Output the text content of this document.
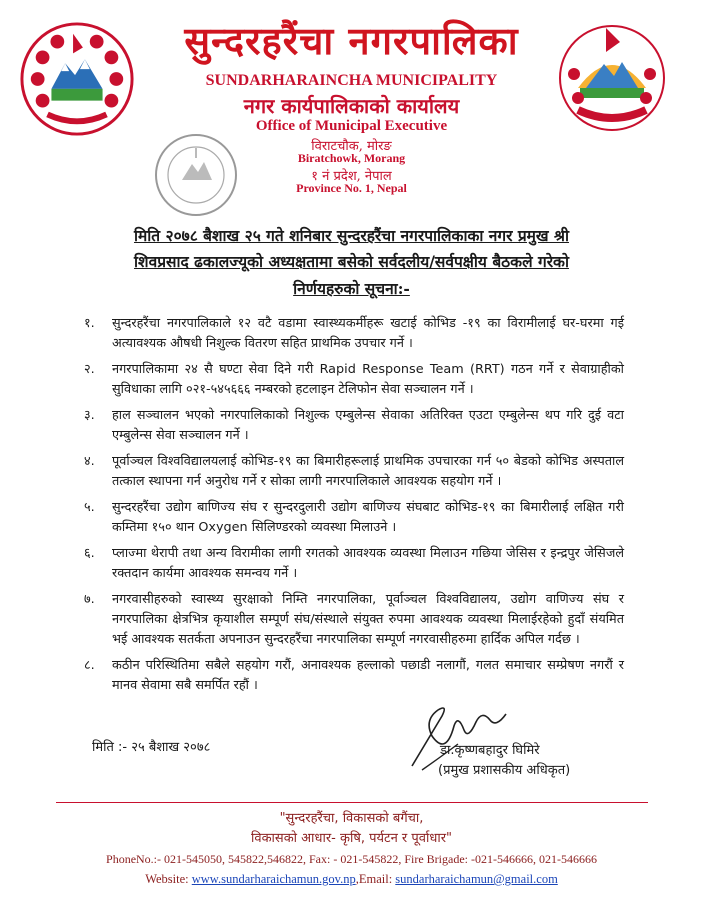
सुन्दरहरैंचा नगरपालिका
SUNDARHARAINCHA MUNICIPALITY
नगर कार्यपालिकाको कार्यालय
Office of Municipal Executive
विराटचौक, मोरङ
Biratchowk, Morang
१ नं प्रदेश, नेपाल
Province No. 1, Nepal
मिति २०७८ बैशाख २५ गते शनिबार सुन्दरहरैंचा नगरपालिकाका नगर प्रमुख श्री
शिवप्रसाद ढकालज्यूको अध्यक्षतामा बसेको सर्वदलीय/सर्वपक्षीय बैठकले गरेको
निर्णयहरुको सूचना:-
१. सुन्दरहरैंचा नगरपालिकाले १२ वटै वडामा स्वास्थ्यकर्मीहरू खटाई कोभिड -१९ का विरामीलाई घर-घरमा गई अत्यावश्यक औषधी निशुल्क वितरण सहित प्राथमिक उपचार गर्ने ।
२. नगरपालिकामा २४ सै घण्टा सेवा दिने गरी Rapid Response Team (RRT) गठन गर्ने र सेवाग्राहीको सुविधाका लागि ०२१-५४५६६६ नम्बरको हटलाइन टेलिफोन सेवा सञ्चालन गर्ने ।
३. हाल सञ्चालन भएको नगरपालिकाको निशुल्क एम्बुलेन्स सेवाका अतिरिक्त एउटा एम्बुलेन्स थप गरि दुई वटा एम्बुलेन्स सेवा सञ्चालन गर्ने ।
४. पूर्वाञ्चल विश्वविद्यालयलाई कोभिड-१९ का बिमारीहरूलाई प्राथमिक उपचारका गर्न ५० बेडको कोभिड अस्पताल तत्काल स्थापना गर्न अनुरोध गर्ने र सोका लागी नगरपालिकाले आवश्यक सहयोग गर्ने ।
५. सुन्दरहरैंचा उद्योग बाणिज्य संघ र सुन्दरदुलारी उद्योग बाणिज्य संघबाट कोभिड-१९ का बिमारीलाई लक्षित गरी कम्तिमा १५० थान Oxygen सिलिण्डरको व्यवस्था मिलाउने ।
६. प्लाज्मा थेरापी तथा अन्य विरामीका लागी रगतको आवश्यक व्यवस्था मिलाउन गछिया जेसिस र इन्द्रपुर जेसिजले रक्तदान कार्यमा आवश्यक समन्वय गर्ने ।
७. नगरवासीहरुको स्वास्थ्य सुरक्षाको निम्ति नगरपालिका, पूर्वाञ्चल विश्वविद्यालय, उद्योग वाणिज्य संघ र नगरपालिका क्षेत्रभित्र कृयाशील सम्पूर्ण संघ/संस्थाले संयुक्त रुपमा आवश्यक व्यवस्था मिलाईरहेको हुदाँ संयमित भई आवश्यक सतर्कता अपनाउन सुन्दरहरैंचा नगरपालिका सम्पूर्ण नगरवासीहरुमा हार्दिक अपिल गर्दछ ।
८. कठीन परिस्थितिमा सबैले सहयोग गरौं, अनावश्यक हल्लाको पछाडी नलागौं, गलत समाचार सम्प्रेषण नगरौं र मानव सेवामा सबै समर्पित रहौं ।
मिति :- २५ बैशाख २०७८	डा.कृष्णबहादुर घिमिरे
(प्रमुख प्रशासकीय अधिकृत)
"सुन्दरहरैंचा, विकासको बगैंचा,
विकासको आधार- कृषि, पर्यटन र पूर्वाधार"
PhoneNo.:- 021-545050, 545822,546822, Fax: - 021-545822, Fire Brigade: -021-546666, 021-546666
Website: www.sundarharaichamun.gov.np,Email: sundarharaichamun@gmail.com
